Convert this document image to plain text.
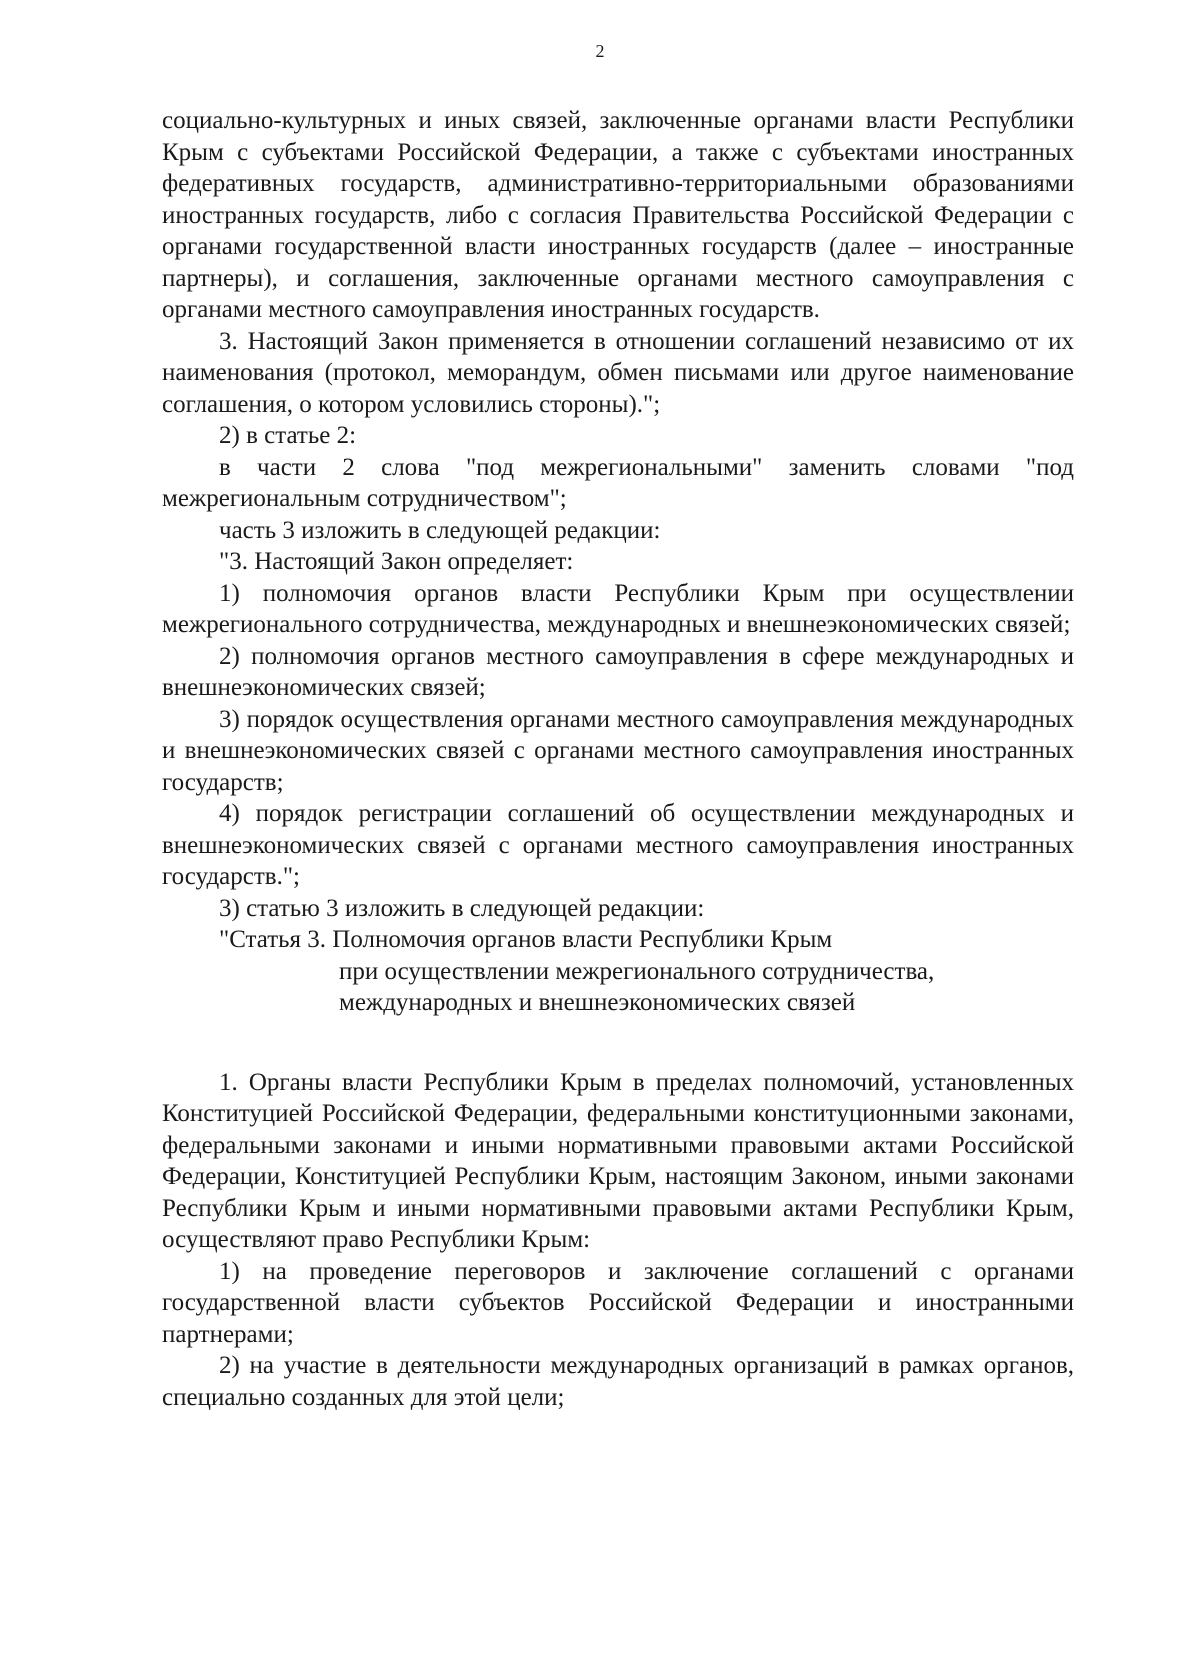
2

социально-культурных и иных связей, заключенные органами власти Республики Крым с субъектами Российской Федерации, а также с субъектами иностранных федеративных государств, административно-территориальными образованиями иностранных государств, либо с согласия Правительства Российской Федерации с органами государственной власти иностранных государств (далее – иностранные партнеры), и соглашения, заключенные органами местного самоуправления с органами местного самоуправления иностранных государств.

3. Настоящий Закон применяется в отношении соглашений независимо от их наименования (протокол, меморандум, обмен письмами или другое наименование соглашения, о котором условились стороны).";

2) в статье 2:

в части 2 слова "под межрегиональными" заменить словами "под межрегиональным сотрудничеством";

часть 3 изложить в следующей редакции:

"3. Настоящий Закон определяет:

1) полномочия органов власти Республики Крым при осуществлении межрегионального сотрудничества, международных и внешнеэкономических связей;

2) полномочия органов местного самоуправления в сфере международных и внешнеэкономических связей;

3) порядок осуществления органами местного самоуправления международных и внешнеэкономических связей с органами местного самоуправления иностранных государств;

4) порядок регистрации соглашений об осуществлении международных и внешнеэкономических связей с органами местного самоуправления иностранных государств.";

3) статью 3 изложить в следующей редакции:

"Статья 3. Полномочия органов власти Республики Крым
при осуществлении межрегионального сотрудничества,
международных и внешнеэкономических связей

1. Органы власти Республики Крым в пределах полномочий, установленных Конституцией Российской Федерации, федеральными конституционными законами, федеральными законами и иными нормативными правовыми актами Российской Федерации, Конституцией Республики Крым, настоящим Законом, иными законами Республики Крым и иными нормативными правовыми актами Республики Крым, осуществляют право Республики Крым:

1) на проведение переговоров и заключение соглашений с органами государственной власти субъектов Российской Федерации и иностранными партнерами;

2) на участие в деятельности международных организаций в рамках органов, специально созданных для этой цели;
